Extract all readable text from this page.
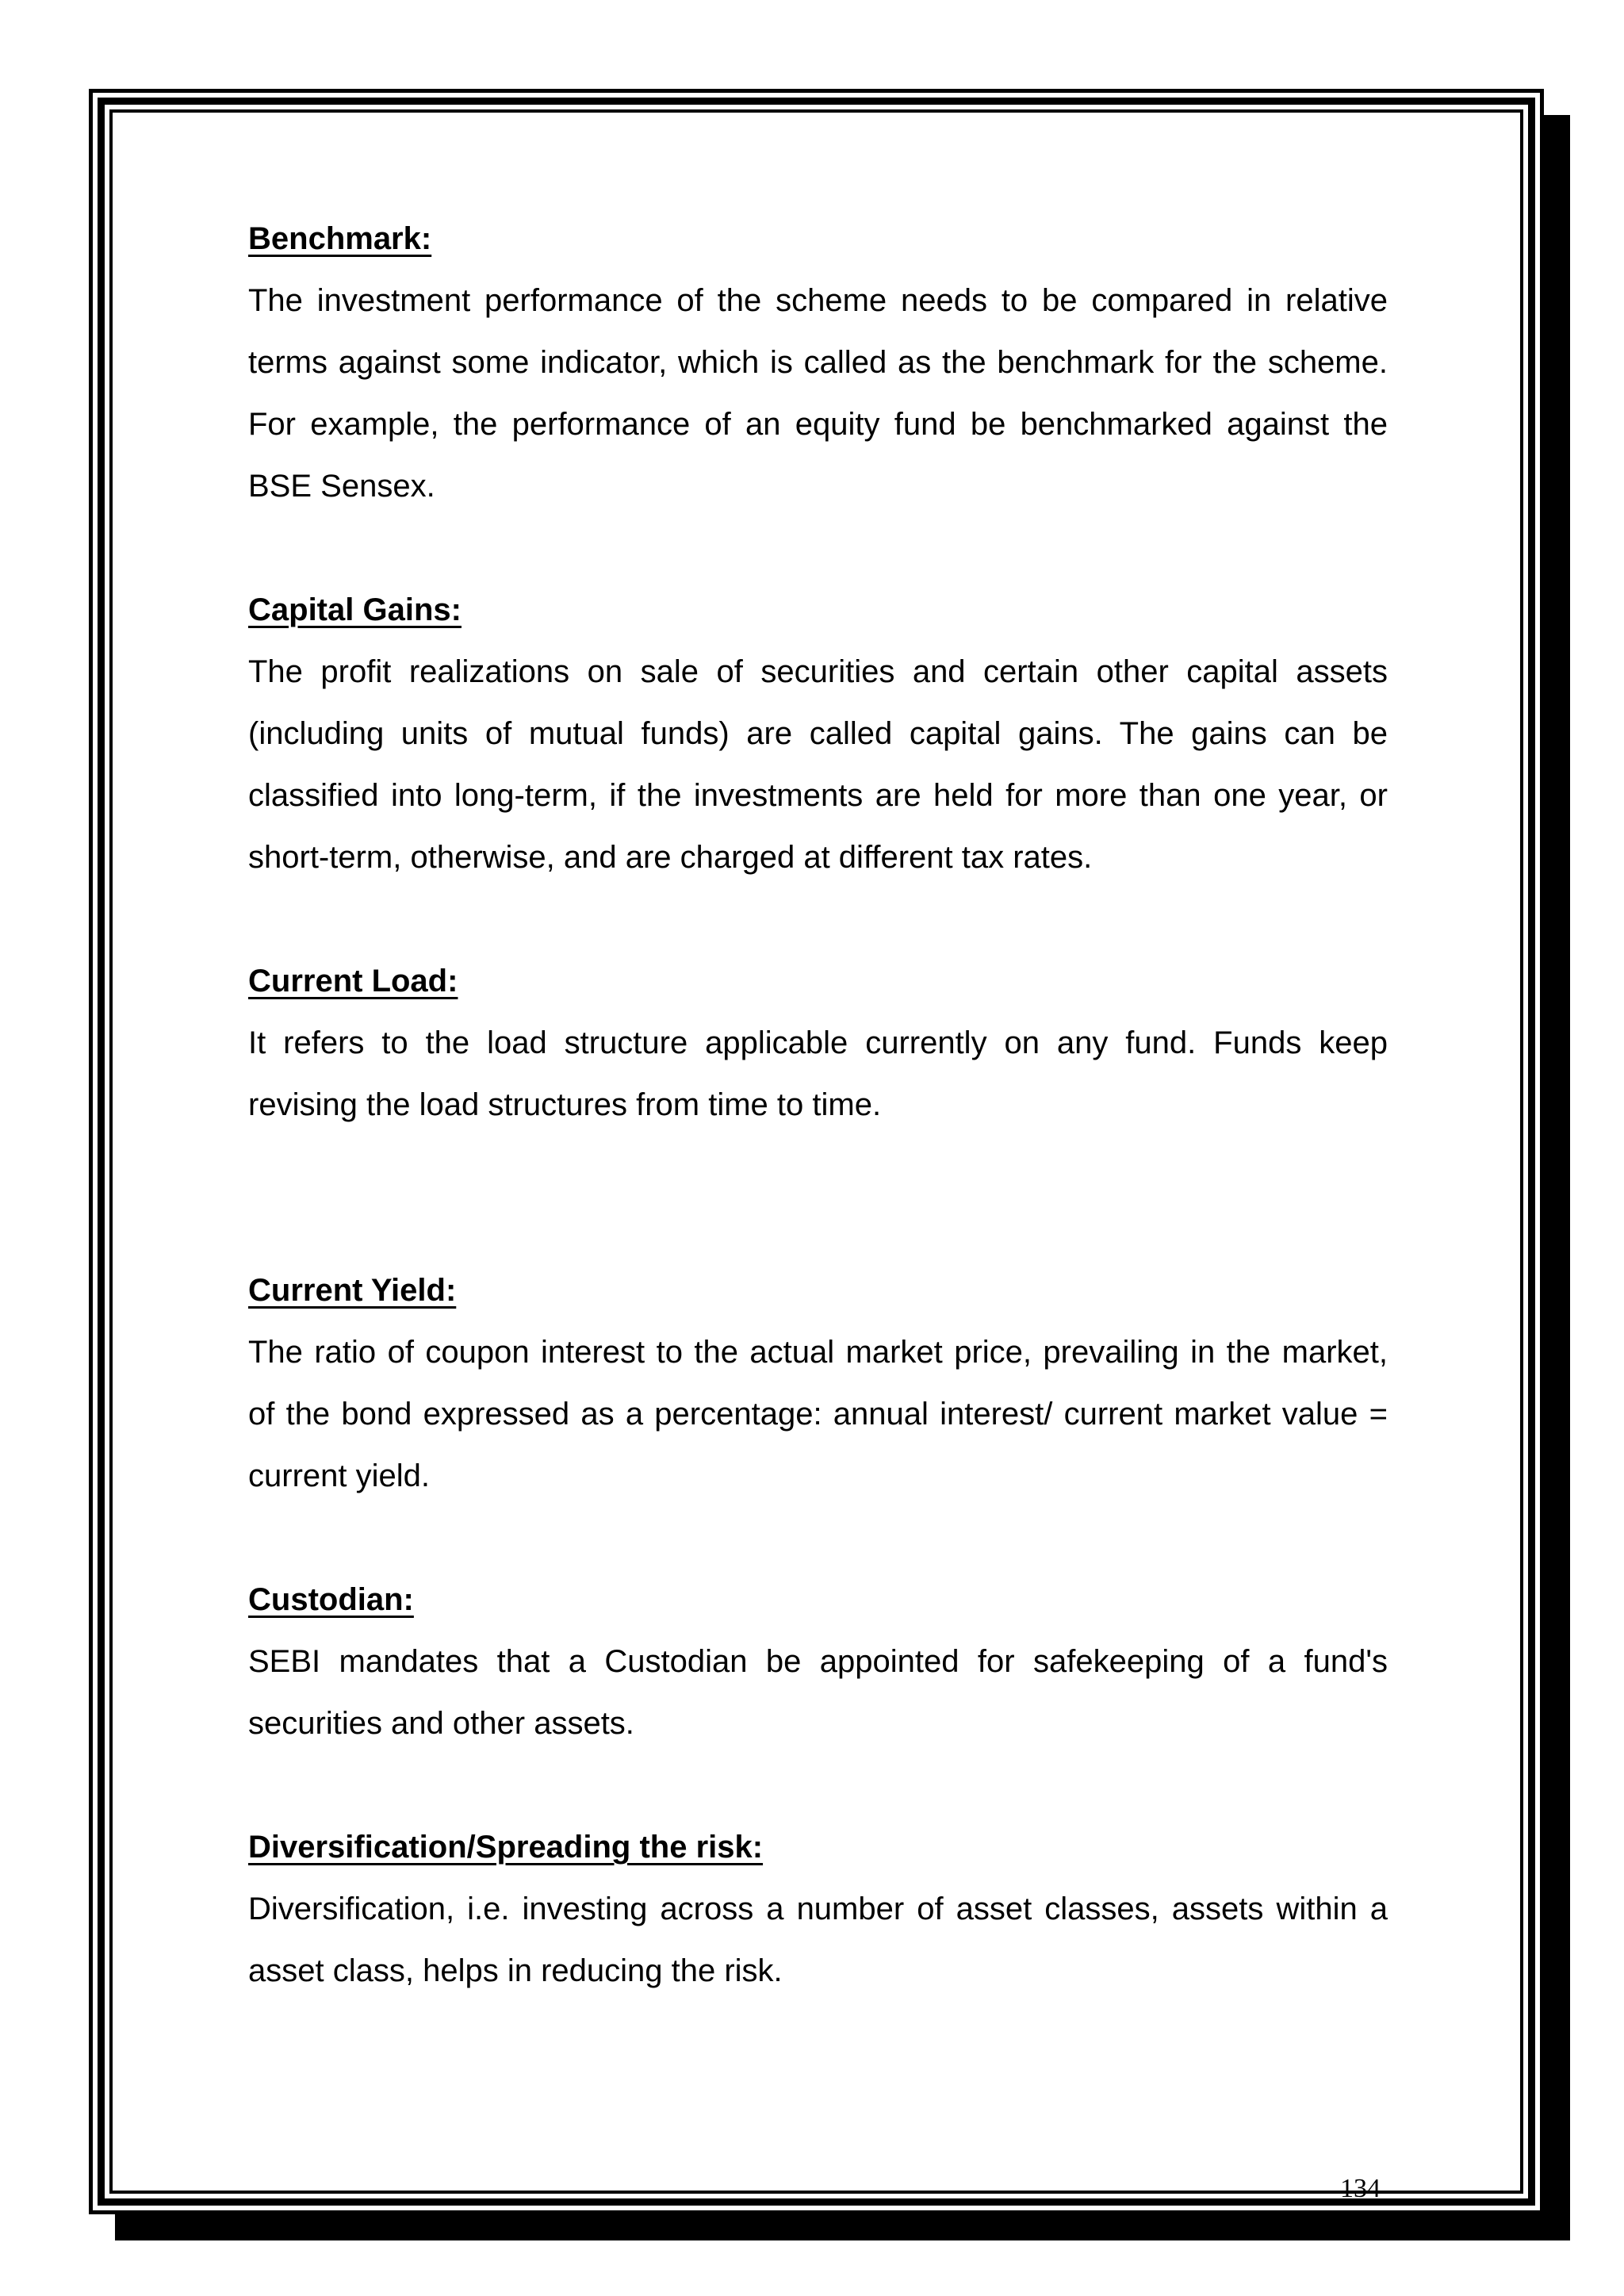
Benchmark:

The investment performance of the scheme needs to be compared in relative terms against some indicator, which is called as the benchmark for the scheme. For example, the performance of an equity fund be benchmarked against the BSE Sensex.

Capital Gains:

The profit realizations on sale of securities and certain other capital assets (including units of mutual funds) are called capital gains. The gains can be classified into long-term, if the investments are held for more than one year, or short-term, otherwise, and are charged at different tax rates.

Current Load:

It refers to the load structure applicable currently on any fund. Funds keep revising the load structures from time to time.

Current Yield:

The ratio of coupon interest to the actual market price, prevailing in the market, of the bond expressed as a percentage: annual interest/ current market value = current yield.

Custodian:

SEBI mandates that a Custodian be appointed for safekeeping of a fund's securities and other assets.

Diversification/Spreading the risk:

Diversification, i.e. investing across a number of asset classes, assets within a asset class, helps in reducing the risk.

134
